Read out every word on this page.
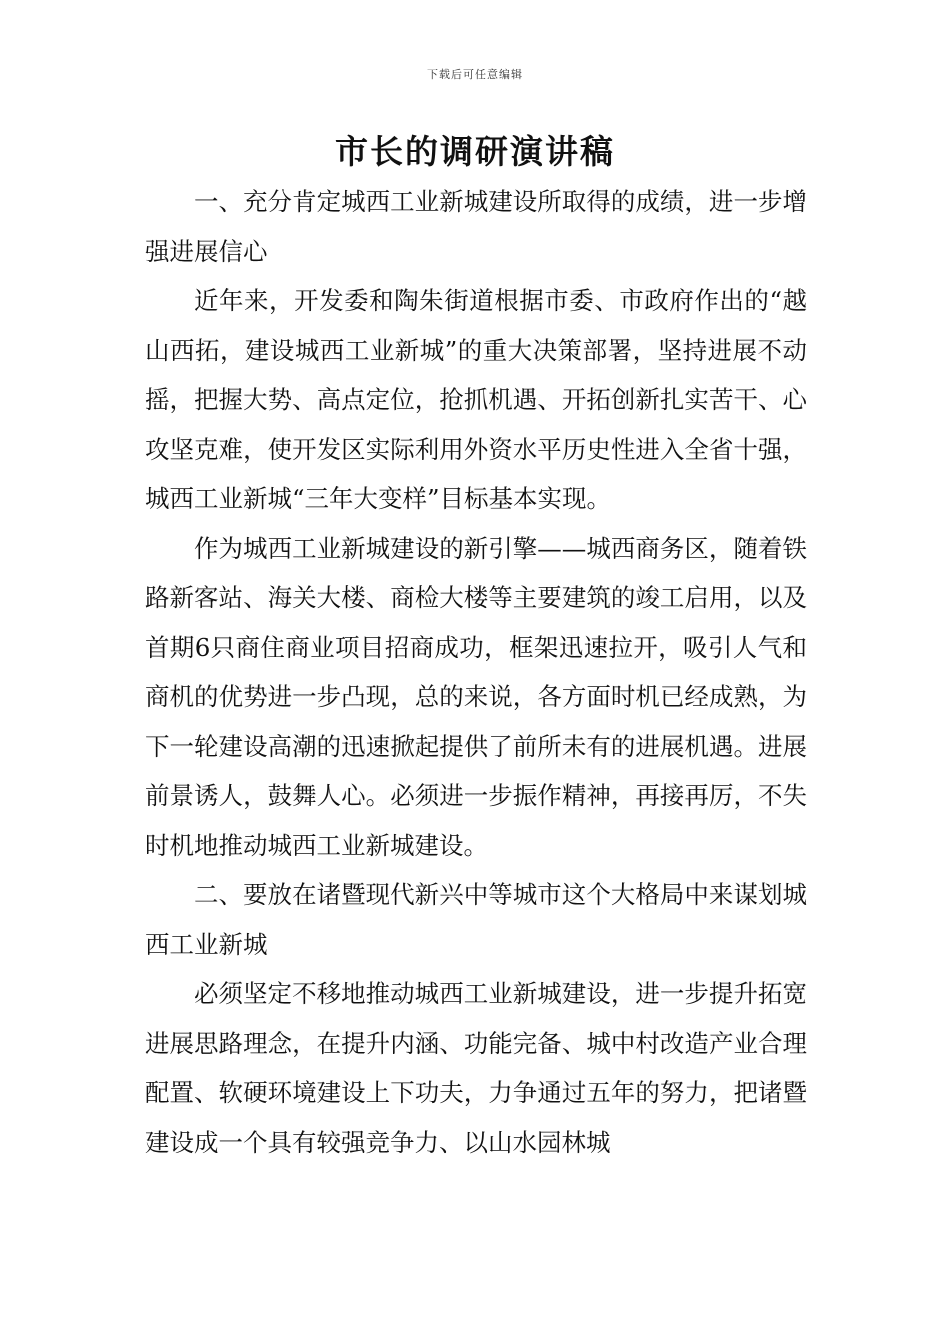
下载后可任意编辑
市长的调研演讲稿

一、充分肯定城西工业新城建设所取得的成绩，进一步增强进展信心

近年来，开发委和陶朱街道根据市委、市政府作出的“越山西拓，建设城西工业新城”的重大决策部署，坚持进展不动摇，把握大势、高点定位，抢抓机遇、开拓创新扎实苦干、心攻坚克难，使开发区实际利用外资水平历史性进入全省十强，城西工业新城“三年大变样”目标基本实现。

作为城西工业新城建设的新引擎——城西商务区，随着铁路新客站、海关大楼、商检大楼等主要建筑的竣工启用，以及首期6只商住商业项目招商成功，框架迅速拉开，吸引人气和商机的优势进一步凸现，总的来说，各方面时机已经成熟，为下一轮建设高潮的迅速掀起提供了前所未有的进展机遇。进展前景诱人，鼓舞人心。必须进一步振作精神，再接再厉，不失时机地推动城西工业新城建设。

二、要放在诸暨现代新兴中等城市这个大格局中来谋划城西工业新城

必须坚定不移地推动城西工业新城建设，进一步提升拓宽进展思路理念，在提升内涵、功能完备、城中村改造产业合理配置、软硬环境建设上下功夫，力争通过五年的努力，把诸暨建设成一个具有较强竞争力、以山水园林城
